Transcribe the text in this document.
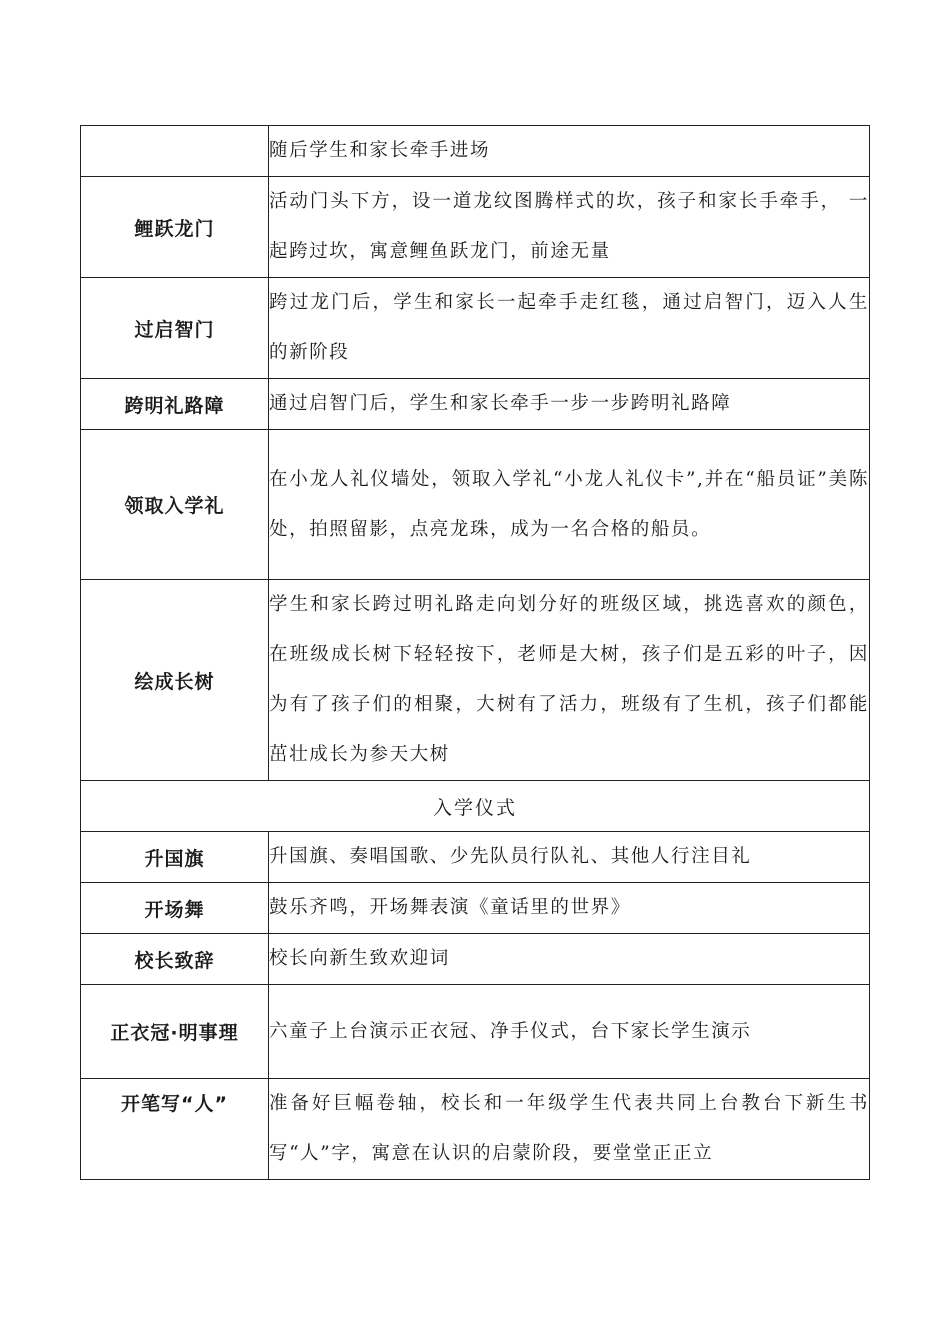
	随后学生和家长牵手进场
鲤跃龙门	活动门头下方，设一道龙纹图腾样式的坎，孩子和家长手牵手， 一起跨过坎，寓意鲤鱼跃龙门，前途无量
过启智门	跨过龙门后，学生和家长一起牵手走红毯，通过启智门，迈入人生的新阶段
跨明礼路障	通过启智门后，学生和家长牵手一步一步跨明礼路障
领取入学礼	在小龙人礼仪墙处，领取入学礼“小龙人礼仪卡”,并在“船员证”美陈处，拍照留影，点亮龙珠，成为一名合格的船员。
绘成长树	学生和家长跨过明礼路走向划分好的班级区域，挑选喜欢的颜色，在班级成长树下轻轻按下，老师是大树，孩子们是五彩的叶子，因为有了孩子们的相聚，大树有了活力，班级有了生机，孩子们都能茁壮成长为参天大树
入学仪式	
升国旗	升国旗、奏唱国歌、少先队员行队礼、其他人行注目礼
开场舞	鼓乐齐鸣，开场舞表演《童话里的世界》
校长致辞	校长向新生致欢迎词
正衣冠·明事理	六童子上台演示正衣冠、净手仪式，台下家长学生演示
开笔写“人”	准备好巨幅卷轴，校长和一年级学生代表共同上台教台下新生书写“人”字，寓意在认识的启蒙阶段，要堂堂正正立
